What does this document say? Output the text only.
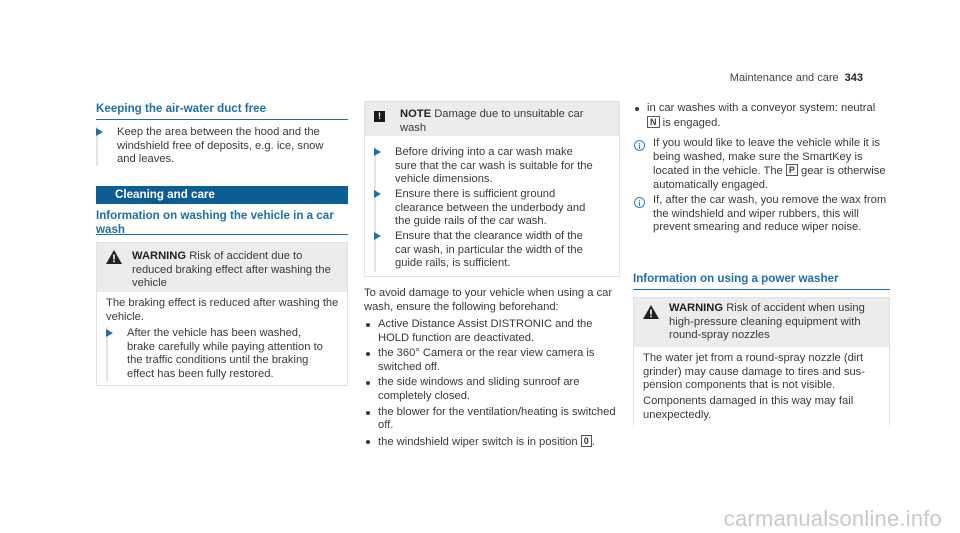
Maintenance and care 343
Keeping the air-water duct free
Keep the area between the hood and the windshield free of deposits, e.g. ice, snow and leaves.
Cleaning and care
Information on washing the vehicle in a car wash
WARNING Risk of accident due to reduced braking effect after washing the vehicle
The braking effect is reduced after washing the vehicle.
After the vehicle has been washed, brake carefully while paying attention to the traffic conditions until the braking effect has been fully restored.
!	NOTE Damage due to unsuitable car wash
Before driving into a car wash make sure that the car wash is suitable for the vehicle dimensions.
Ensure there is sufficient ground clearance between the underbody and the guide rails of the car wash.
Ensure that the clearance width of the car wash, in particular the width of the guide rails, is sufficient.
To avoid damage to your vehicle when using a car wash, ensure the following beforehand:
Active Distance Assist DISTRONIC and the HOLD function are deactivated.
the 360° Camera or the rear view camera is switched off.
the side windows and sliding sunroof are completely closed.
the blower for the ventilation/heating is switched off.
the windshield wiper switch is in position 0 .
in car washes with a conveyor system: neutral N is engaged.
i	If you would like to leave the vehicle while it is being washed, make sure the SmartKey is located in the vehicle. The P gear is otherwise automatically engaged.
i	If, after the car wash, you remove the wax from the windshield and wiper rubbers, this will prevent smearing and reduce wiper noise.
Information on using a power washer
WARNING Risk of accident when using high-pressure cleaning equipment with round-spray nozzles
The water jet from a round-spray nozzle (dirt grinder) may cause damage to tires and suspension components that is not visible.
Components damaged in this way may fail unexpectedly.
carmanualsonline.info
